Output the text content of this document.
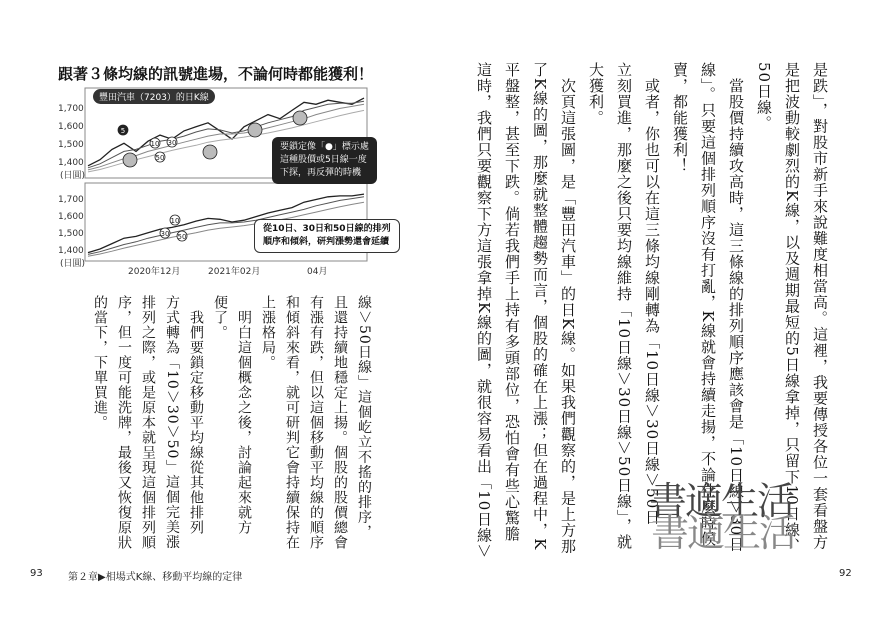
跟著３條均線的訊號進場，不論何時都能獲利！
5
10 30
50
10
30 50
豐田汽車（7203）的日K線
1,700
1,600
1,500
1,400
(日圓)
1,700
1,600
1,500
1,400
(日圓)
2020年12月	2021年02月	04月
要鎖定像「●」標示處
這種股價或5日線一度
下探，再反彈的時機
從10日、30日和50日線的排列
順序和傾斜，研判漲勢還會延續
線＞50日線」這個屹立不搖的排序，
且還持續地穩定上揚。個股的股價總會
有漲有跌，但以這個移動平均線的順序
和傾斜來看，就可研判它會持續保持在
上漲格局。
　明白這個概念之後，討論起來就方
便了。
　我們要鎖定移動平均線從其他排列
方式轉為「10＞30＞50」這個完美漲
排列之際，或是原本就呈現這個排列順
序，但一度可能洗牌，最後又恢復原狀
的當下，下單買進。
93	第２章▶相場式K線、移動平均線的定律
是跌」，對股市新手來說難度相當高。這裡，我要傳授各位一套看盤方
是把波動較劇烈的K線，以及週期最短的5日線拿掉，只留下10日線、
50日線。
　當股價持續攻高時，這三條線的排列順序應該會是「10日線＞30日
線」。只要這個排列順序沒有打亂，K線就會持續走揚，不論什麼時候
賣，都能獲利！
　或者，你也可以在這三條均線剛轉為「10日線＞30日線＞50日
立刻買進，那麼之後只要均線維持「10日線＞30日線＞50日線」，就
大獲利。
　次頁這張圖，是「豐田汽車」的日K線。如果我們觀察的，是上方那
了K線的圖，那麼就整體趨勢而言，個股的確在上漲；但在過程中，K
平盤整，甚至下跌。倘若我們手上持有多頭部位，恐怕會有些心驚膽
這時，我們只要觀察下方這張拿掉K線的圖，就很容易看出「10日線＞
書適生活
書適生活
92
